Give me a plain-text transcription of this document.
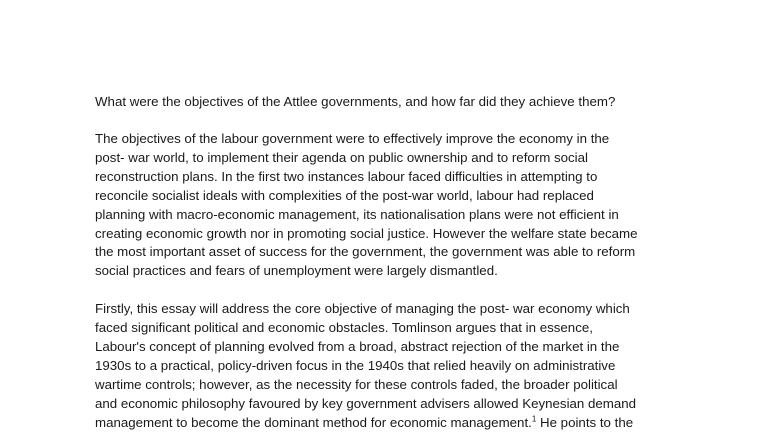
What were the objectives of the Attlee governments, and how far did they achieve them?

The objectives of the labour government were to effectively improve the economy in the
post- war world, to implement their agenda on public ownership and to reform social
reconstruction plans. In the first two instances labour faced difficulties in attempting to
reconcile socialist ideals with complexities of the post-war world, labour had replaced
planning with macro-economic management, its nationalisation plans were not efficient in
creating economic growth nor in promoting social justice. However the welfare state became
the most important asset of success for the government, the government was able to reform
social practices and fears of unemployment were largely dismantled.

Firstly, this essay will address the core objective of managing the post- war economy which
faced significant political and economic obstacles. Tomlinson argues that in essence,
Labour's concept of planning evolved from a broad, abstract rejection of the market in the
1930s to a practical, policy-driven focus in the 1940s that relied heavily on administrative
wartime controls; however, as the necessity for these controls faded, the broader political
and economic philosophy favoured by key government advisers allowed Keynesian demand
management to become the dominant method for economic management.$^1$ He points to the
